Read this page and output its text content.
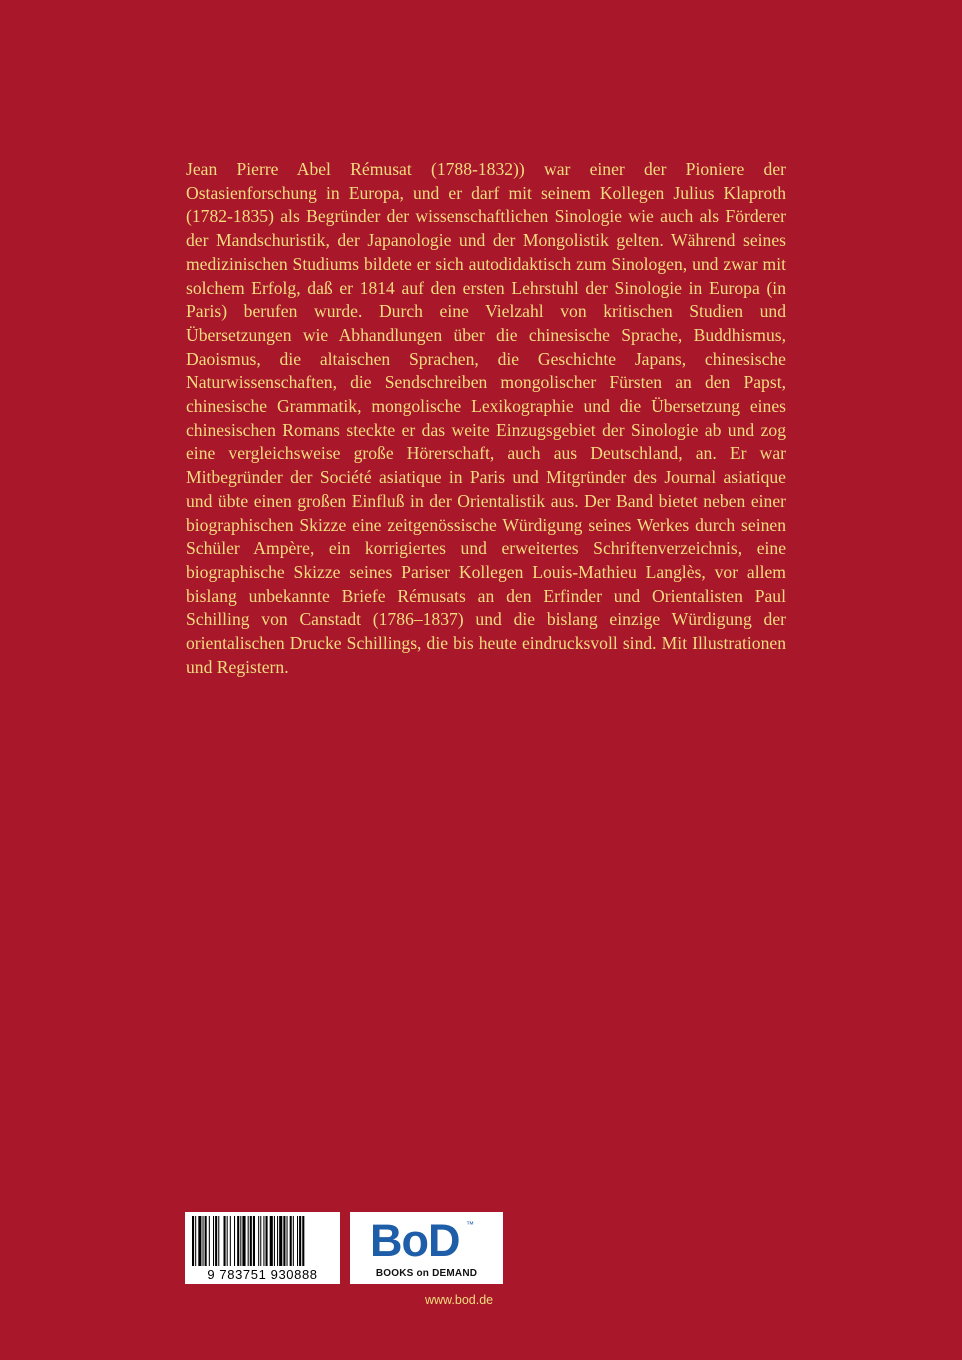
Jean Pierre Abel Rémusat (1788-1832)) war einer der Pioniere der Ostasienforschung in Europa, und er darf mit seinem Kollegen Julius Klaproth (1782-1835) als Begründer der wissenschaftlichen Sinologie wie auch als Förderer der Mandschuristik, der Japanologie und der Mongolistik gelten. Während seines medizinischen Studiums bildete er sich autodidaktisch zum Sinologen, und zwar mit solchem Erfolg, daß er 1814 auf den ersten Lehrstuhl der Sinologie in Europa (in Paris) berufen wurde. Durch eine Vielzahl von kritischen Studien und Übersetzungen wie Abhandlungen über die chinesische Sprache, Buddhismus, Daoismus, die altaischen Sprachen, die Geschichte Japans, chinesische Naturwissenschaften, die Sendschreiben mongolischer Fürsten an den Papst, chinesische Grammatik, mongolische Lexikographie und die Übersetzung eines chinesischen Romans steckte er das weite Einzugsgebiet der Sinologie ab und zog eine vergleichsweise große Hörerschaft, auch aus Deutschland, an. Er war Mitbegründer der Société asiatique in Paris und Mitgründer des Journal asiatique und übte einen großen Einfluß in der Orientalistik aus. Der Band bietet neben einer biographischen Skizze eine zeitgenössische Würdigung seines Werkes durch seinen Schüler Ampère, ein korrigiertes und erweitertes Schriftenverzeichnis, eine biographische Skizze seines Pariser Kollegen Louis-Mathieu Langlès, vor allem bislang unbekannte Briefe Rémusats an den Erfinder und Orientalisten Paul Schilling von Canstadt (1786–1837) und die bislang einzige Würdigung der orientalischen Drucke Schillings, die bis heute eindrucksvoll sind. Mit Illustrationen und Registern.

9 783751 930888
BoD ™
BOOKS on DEMAND
www.bod.de
